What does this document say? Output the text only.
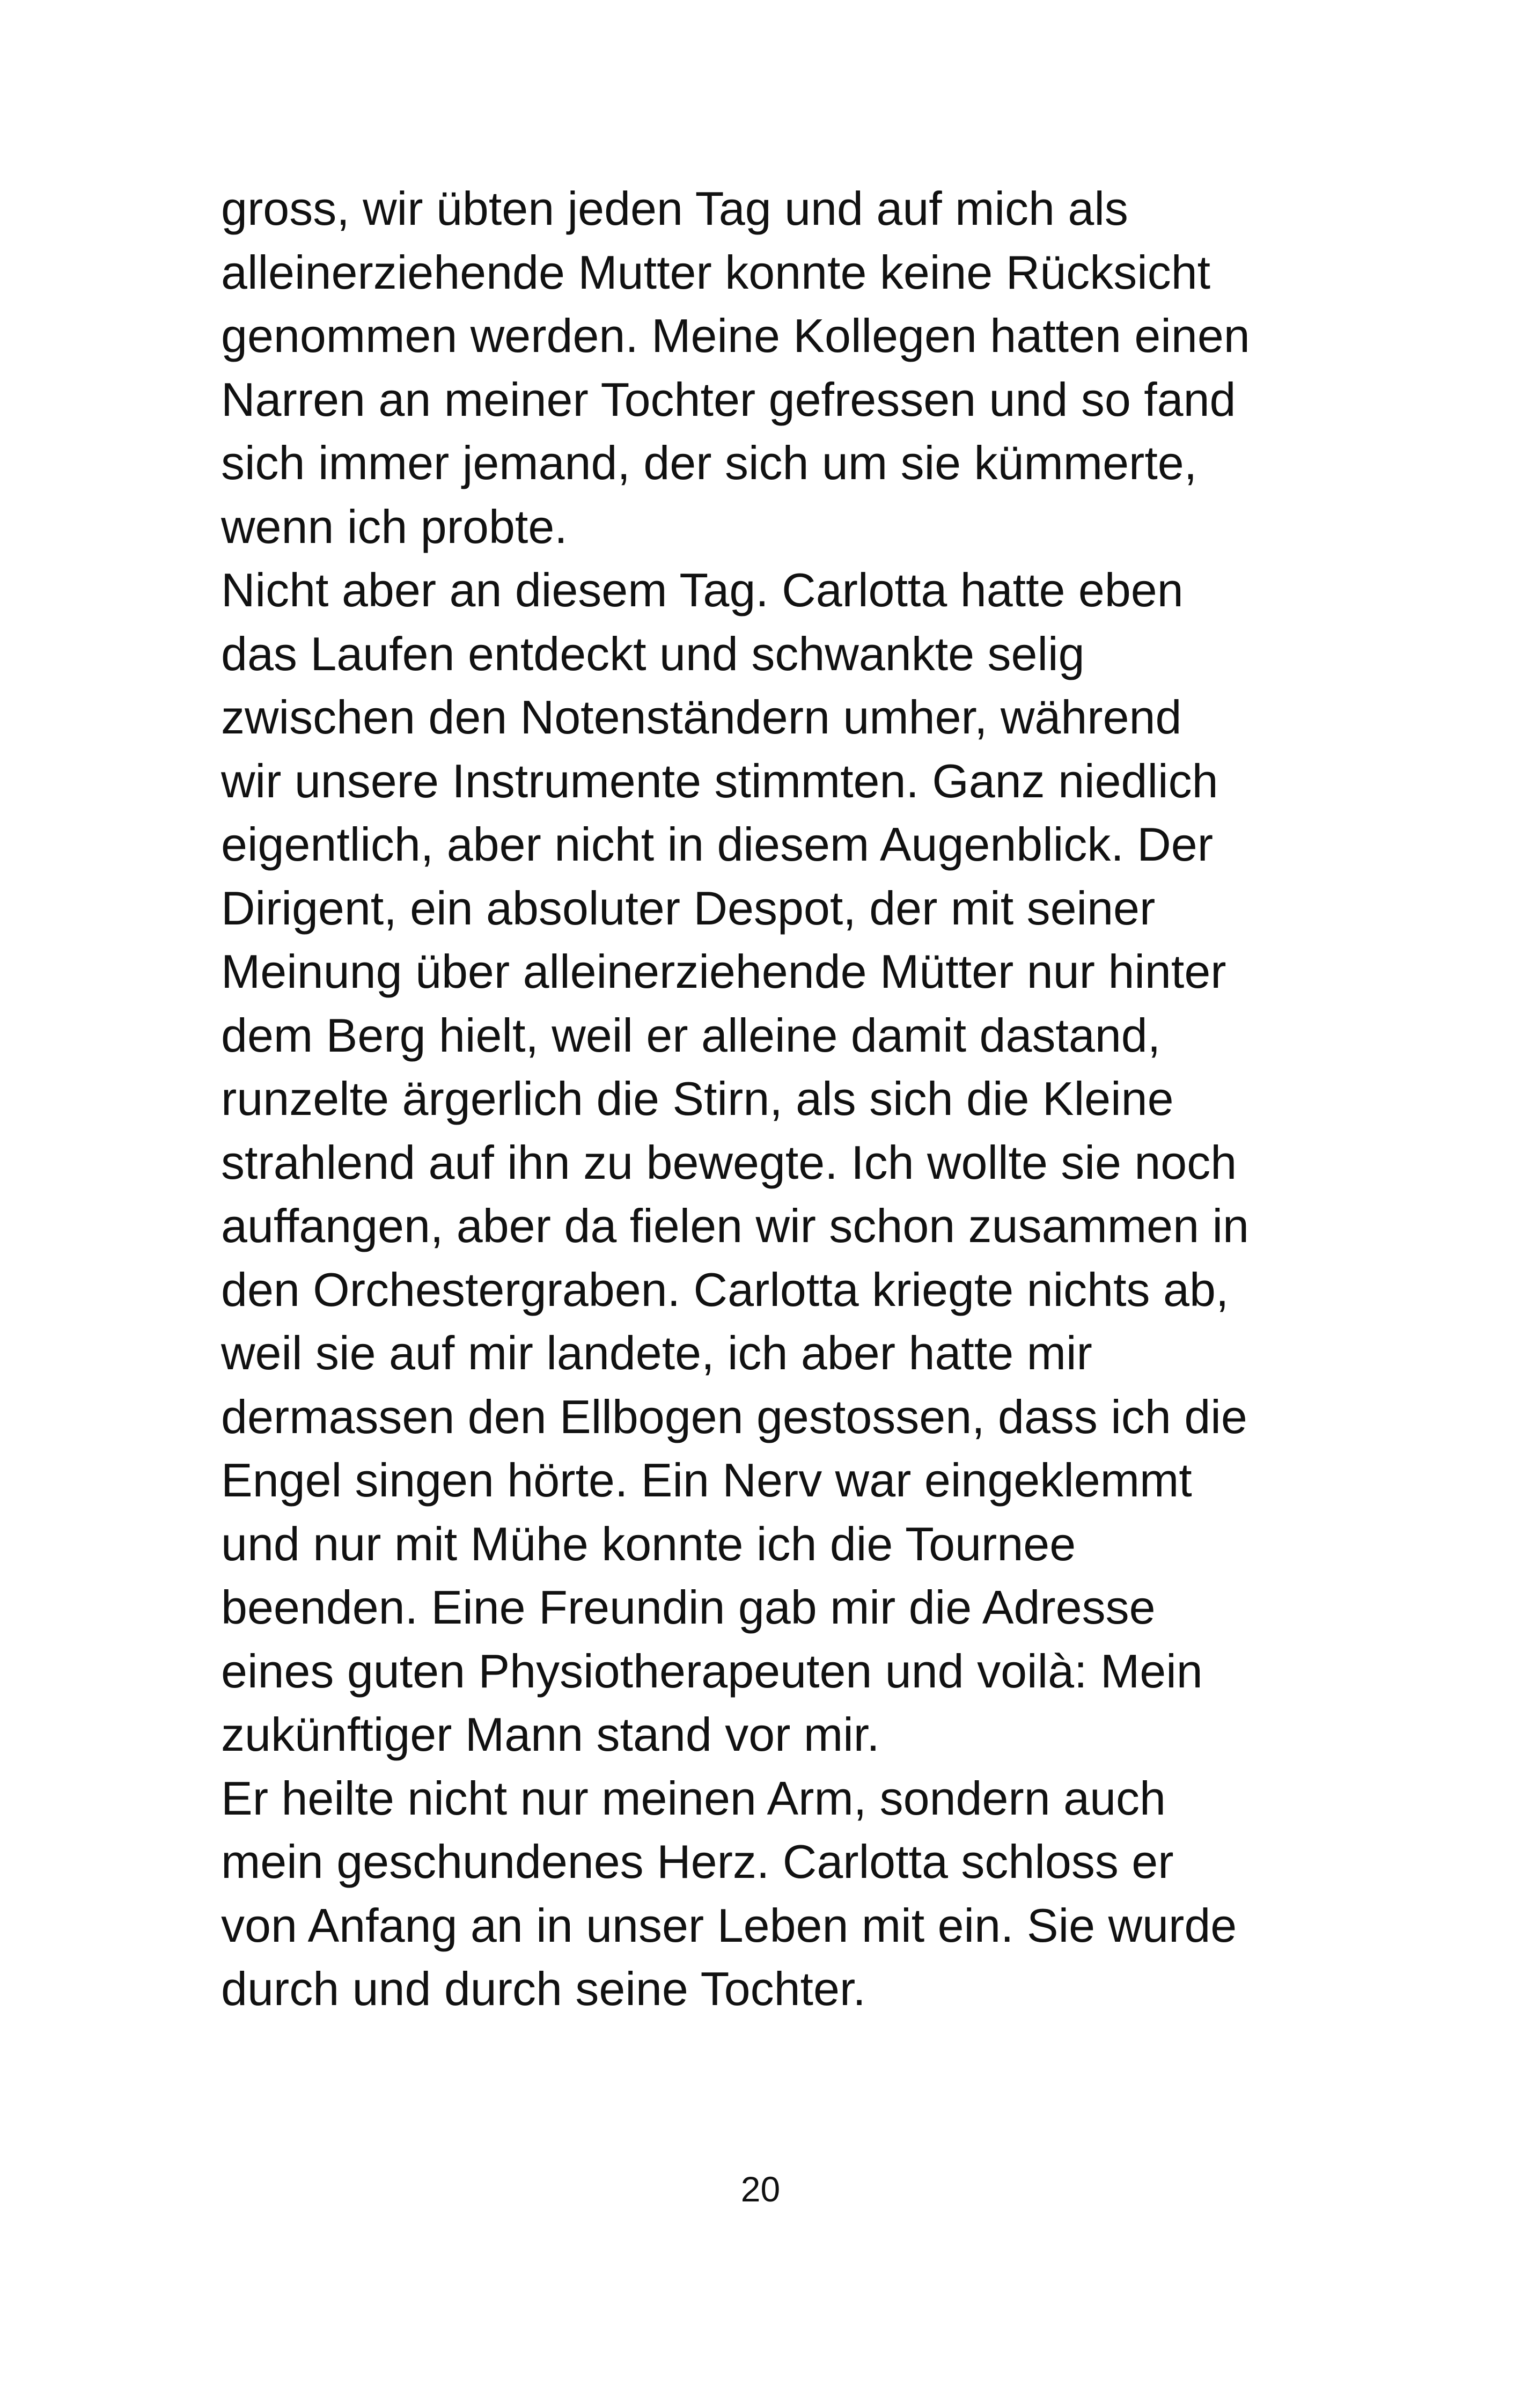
gross, wir übten jeden Tag und auf mich als
alleinerziehende Mutter konnte keine Rücksicht
genommen werden. Meine Kollegen hatten einen
Narren an meiner Tochter gefressen und so fand
sich immer jemand, der sich um sie kümmerte,
wenn ich probte.
Nicht aber an diesem Tag. Carlotta hatte eben
das Laufen entdeckt und schwankte selig
zwischen den Notenständern umher, während
wir unsere Instrumente stimmten. Ganz niedlich
eigentlich, aber nicht in diesem Augenblick. Der
Dirigent, ein absoluter Despot, der mit seiner
Meinung über alleinerziehende Mütter nur hinter
dem Berg hielt, weil er alleine damit dastand,
runzelte ärgerlich die Stirn, als sich die Kleine
strahlend auf ihn zu bewegte. Ich wollte sie noch
auffangen, aber da fielen wir schon zusammen in
den Orchestergraben. Carlotta kriegte nichts ab,
weil sie auf mir landete, ich aber hatte mir
dermassen den Ellbogen gestossen, dass ich die
Engel singen hörte. Ein Nerv war eingeklemmt
und nur mit Mühe konnte ich die Tournee
beenden. Eine Freundin gab mir die Adresse
eines guten Physiotherapeuten und voilà: Mein
zukünftiger Mann stand vor mir.
Er heilte nicht nur meinen Arm, sondern auch
mein geschundenes Herz. Carlotta schloss er
von Anfang an in unser Leben mit ein. Sie wurde
durch und durch seine Tochter.
20
